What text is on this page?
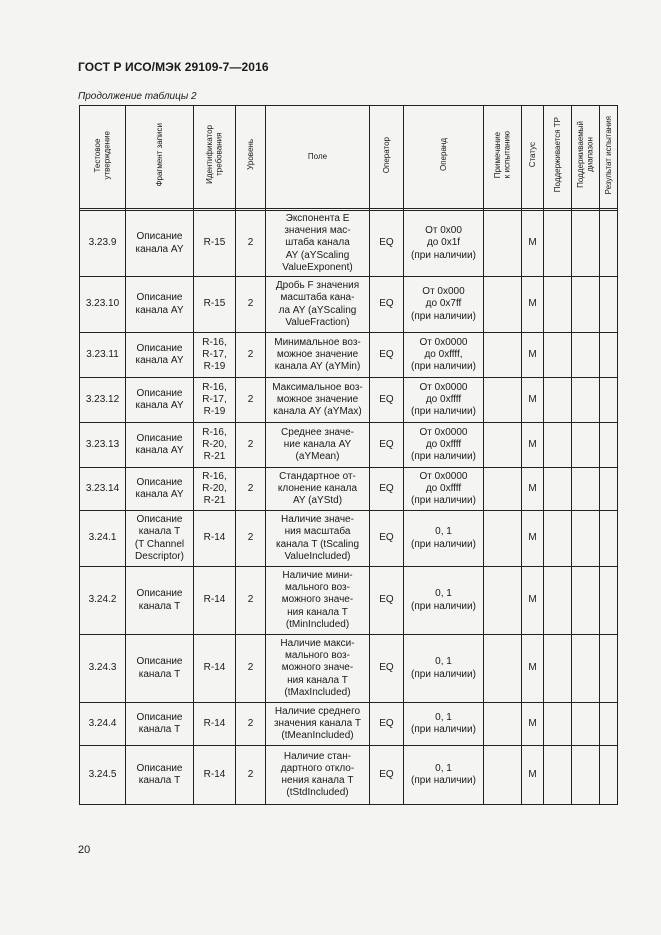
ГОСТ Р ИСО/МЭК 29109-7—2016
Продолжение таблицы 2
Тестовое
утверждение	Фрагмент записи	Идентификатор
требования	Уровень	Поле	Оператор	Операнд	Примечание
к испытанию	Статус	Поддерживается ТР	Поддерживаемый
диапазон	Результат испытания

3.23.9	Описание
канала AY	R-15	2	Экспонента E
значения мас-
штаба канала
AY (aYScaling
ValueExponent)	EQ	От 0x00
до 0x1f
(при наличии)		M			
3.23.10	Описание
канала AY	R-15	2	Дробь F значения
масштаба кана-
ла AY (aYScaling
ValueFraction)	EQ	От 0x000
до 0x7ff
(при наличии)		M			
3.23.11	Описание
канала AY	R-16,
R-17,
R-19	2	Минимальное воз-
можное значение
канала AY (aYMin)	EQ	От 0x0000
до 0xffff,
(при наличии)		M			
3.23.12	Описание
канала AY	R-16,
R-17,
R-19	2	Максимальное воз-
можное значение
канала AY (aYMax)	EQ	От 0x0000
до 0xffff
(при наличии)		M			
3.23.13	Описание
канала AY	R-16,
R-20,
R-21	2	Среднее значе-
ние канала AY
(aYMean)	EQ	От 0x0000
до 0xffff
(при наличии)		M			
3.23.14	Описание
канала AY	R-16,
R-20,
R-21	2	Стандартное от-
клонение канала
AY (aYStd)	EQ	От 0x0000
до 0xffff
(при наличии)		M			
3.24.1	Описание
канала T
(T Channel
Descriptor)	R-14	2	Наличие значе-
ния масштаба
канала T (tScaling
ValueIncluded)	EQ	0, 1
(при наличии)		M			
3.24.2	Описание
канала T	R-14	2	Наличие мини-
мального воз-
можного значе-
ния канала T
(tMinIncluded)	EQ	0, 1
(при наличии)		M			
3.24.3	Описание
канала T	R-14	2	Наличие макси-
мального воз-
можного значе-
ния канала T
(tMaxIncluded)	EQ	0, 1
(при наличии)		M			
3.24.4	Описание
канала T	R-14	2	Наличие среднего
значения канала T
(tMeanIncluded)	EQ	0, 1
(при наличии)		M			
3.24.5	Описание
канала T	R-14	2	Наличие стан-
дартного откло-
нения канала T
(tStdIncluded)	EQ	0, 1
(при наличии)		M			
20
